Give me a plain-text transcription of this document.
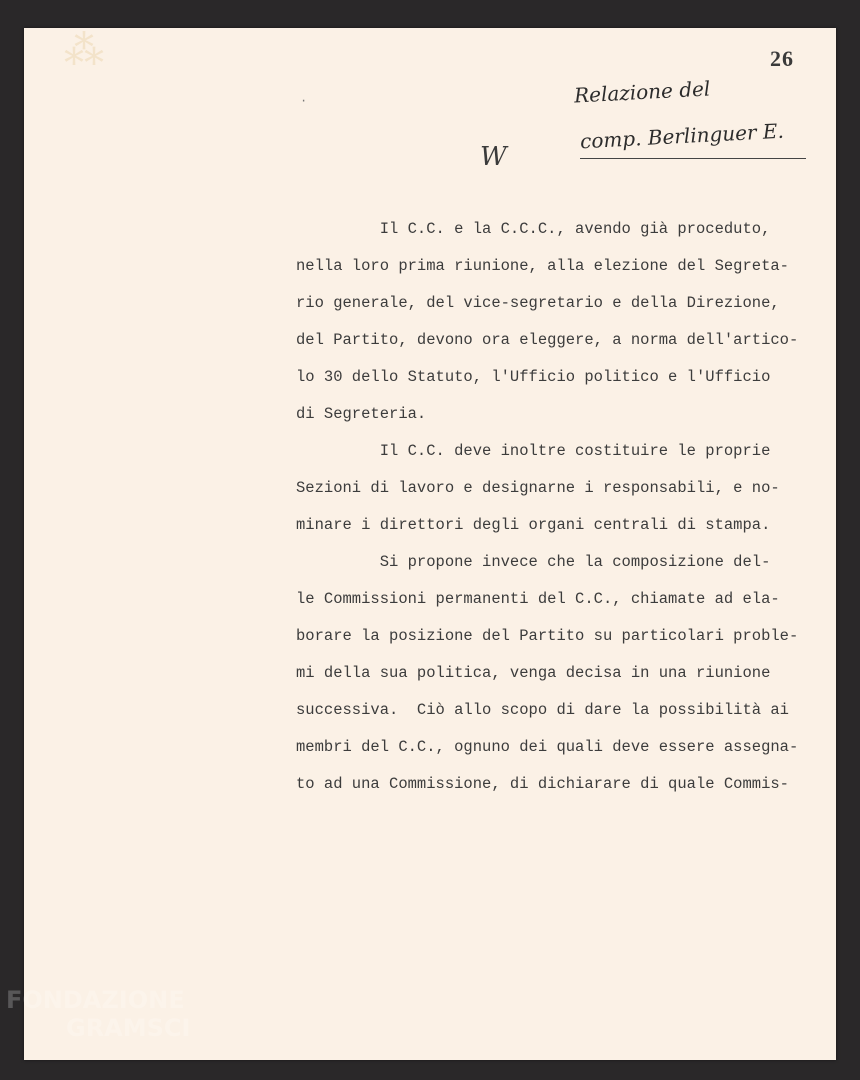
⁂	26
·	Relazione del
comp. Berlinguer E.
W
Il C.C. e la C.C.C., avendo già proceduto,
nella loro prima riunione, alla elezione del Segreta-
rio generale, del vice-segretario e della Direzione,
del Partito, devono ora eleggere, a norma dell'artico-
lo 30 dello Statuto, l'Ufficio politico e l'Ufficio
di Segreteria.
Il C.C. deve inoltre costituire le proprie
Sezioni di lavoro e designarne i responsabili, e no-
minare i direttori degli organi centrali di stampa.
Si propone invece che la composizione del-
le Commissioni permanenti del C.C., chiamate ad ela-
borare la posizione del Partito su particolari proble-
mi della sua politica, venga decisa in una riunione
successiva.  Ciò allo scopo di dare la possibilità ai
membri del C.C., ognuno dei quali deve essere assegna-
to ad una Commissione, di dichiarare di quale Commis-
FONDAZIONE
GRAMSCI
